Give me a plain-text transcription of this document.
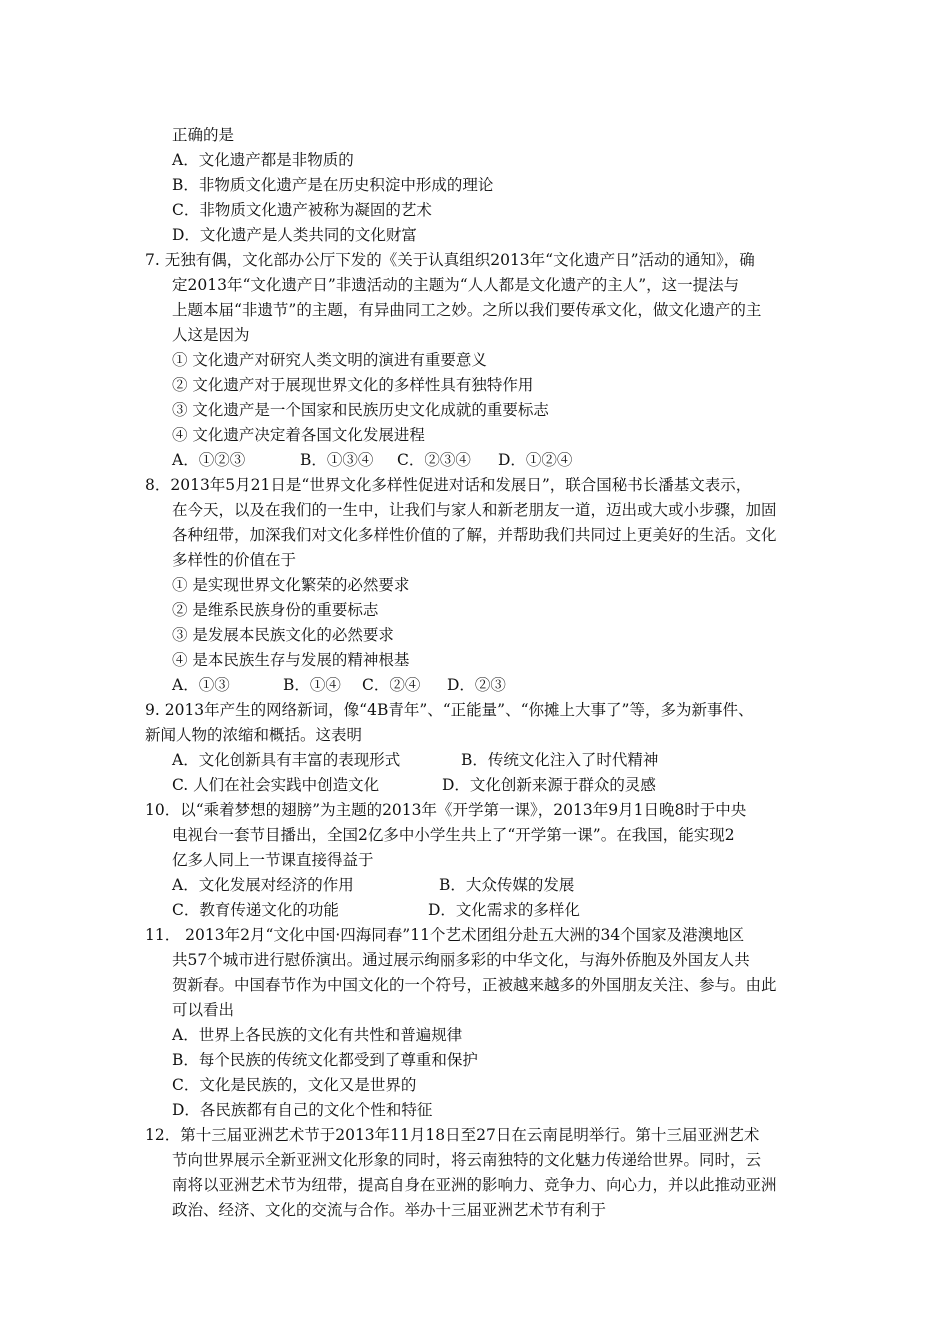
正确的是
A．文化遗产都是非物质的
B．非物质文化遗产是在历史积淀中形成的理论
C．非物质文化遗产被称为凝固的艺术
D．文化遗产是人类共同的文化财富
7. 无独有偶，文化部办公厅下发的《关于认真组织2013年“文化遗产日”活动的通知》，确
定2013年“文化遗产日”非遗活动的主题为“人人都是文化遗产的主人”，这一提法与
上题本届“非遗节”的主题，有异曲同工之妙。之所以我们要传承文化，做文化遗产的主
人这是因为
① 文化遗产对研究人类文明的演进有重要意义
② 文化遗产对于展现世界文化的多样性具有独特作用
③ 文化遗产是一个国家和民族历史文化成就的重要标志
④ 文化遗产决定着各国文化发展进程
A．①②③	B．①③④ C．②③④ D．①②④
8．2013年5月21日是“世界文化多样性促进对话和发展日”，联合国秘书长潘基文表示，
在今天，以及在我们的一生中，让我们与家人和新老朋友一道，迈出或大或小步骤，加固
各种纽带，加深我们对文化多样性价值的了解，并帮助我们共同过上更美好的生活。文化
多样性的价值在于
① 是实现世界文化繁荣的必然要求
② 是维系民族身份的重要标志
③ 是发展本民族文化的必然要求
④ 是本民族生存与发展的精神根基
A．①③	B．①④ C．②④ D．②③
9. 2013年产生的网络新词，像“4B青年”、“正能量”、“你摊上大事了”等，多为新事件、
新闻人物的浓缩和概括。这表明
A．文化创新具有丰富的表现形式	B．传统文化注入了时代精神
C. 人们在社会实践中创造文化	D．文化创新来源于群众的灵感
10．以“乘着梦想的翅膀”为主题的2013年《开学第一课》，2013年9月1日晚8时于中央
电视台一套节目播出，全国2亿多中小学生共上了“开学第一课”。在我国，能实现2
亿多人同上一节课直接得益于
A．文化发展对经济的作用	B．大众传媒的发展
C．教育传递文化的功能	D．文化需求的多样化
11． 2013年2月“文化中国·四海同春”11个艺术团组分赴五大洲的34个国家及港澳地区
共57个城市进行慰侨演出。通过展示绚丽多彩的中华文化，与海外侨胞及外国友人共
贺新春。中国春节作为中国文化的一个符号，正被越来越多的外国朋友关注、参与。由此
可以看出
A．世界上各民族的文化有共性和普遍规律
B．每个民族的传统文化都受到了尊重和保护
C．文化是民族的，文化又是世界的
D．各民族都有自己的文化个性和特征
12．第十三届亚洲艺术节于2013年11月18日至27日在云南昆明举行。第十三届亚洲艺术
节向世界展示全新亚洲文化形象的同时，将云南独特的文化魅力传递给世界。同时，云
南将以亚洲艺术节为纽带，提高自身在亚洲的影响力、竞争力、向心力，并以此推动亚洲
政治、经济、文化的交流与合作。举办十三届亚洲艺术节有利于
